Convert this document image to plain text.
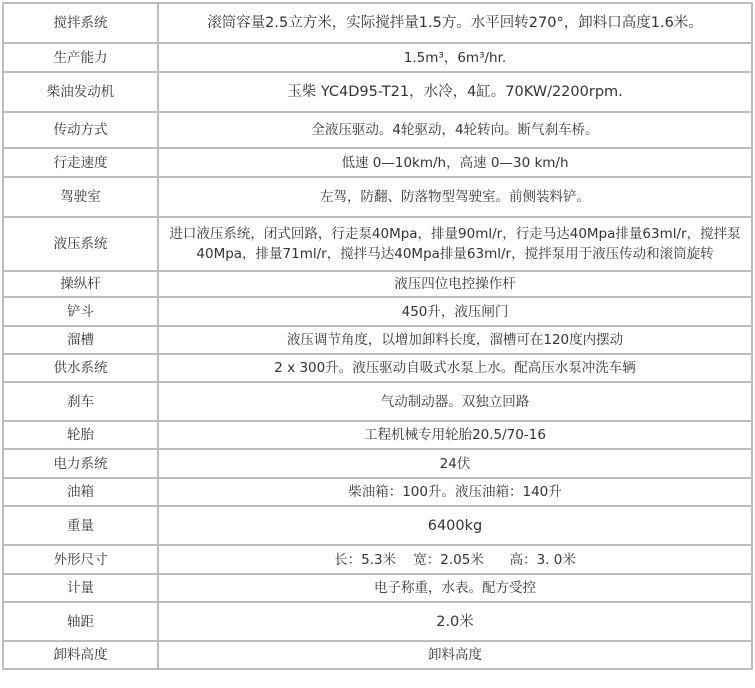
搅拌系统	滚筒容量2.5立方米，实际搅拌量1.5方。水平回转270°，卸料口高度1.6米。
生产能力	1.5m³，6m³/hr.
柴油发动机	玉柴 YC4D95-T21，水冷，4缸。70KW/2200rpm.
传动方式	全液压驱动。4轮驱动，4轮转向。断气刹车桥。
行走速度	低速 0—10km/h，高速 0—30 km/h
驾驶室	左驾，防翻、防落物型驾驶室。前侧装料铲。
液压系统	进口液压系统，闭式回路，行走泵40Mpa，排量90ml/r，行走马达40Mpa排量63ml/r，搅拌泵40Mpa，排量71ml/r，搅拌马达40Mpa排量63ml/r，搅拌泵用于液压传动和滚筒旋转
操纵杆	液压四位电控操作杆
铲斗	450升，液压闸门
溜槽	液压调节角度，以增加卸料长度，溜槽可在120度内摆动
供水系统	2 x 300升。液压驱动自吸式水泵上水。配高压水泵冲洗车辆
刹车	气动制动器。双独立回路
轮胎	工程机械专用轮胎20.5/70-16
电力系统	24伏
油箱	柴油箱：100升。液压油箱：140升
重量	6400kg
外形尺寸	长：5.3米    宽：2.05米      高：3. 0米
计量	电子称重，水表。配方受控
轴距	2.0米
卸料高度	卸料高度
